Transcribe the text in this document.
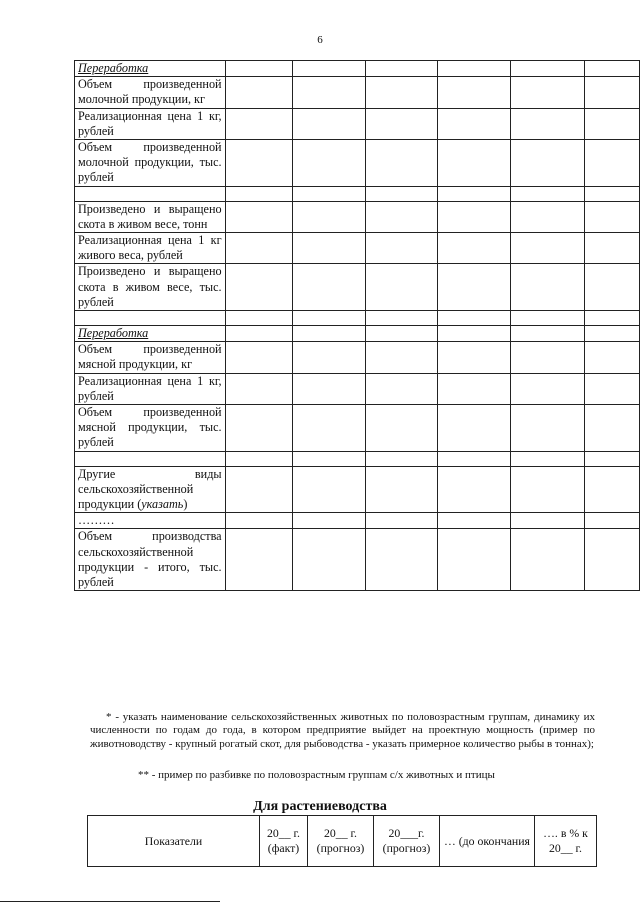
6
Переработка						
Объем произведенной молочной продукции, кг						
Реализационная цена 1 кг, рублей						
Объем произведенной молочной продукции, тыс. рублей						

Произведено и выращено скота в живом весе, тонн						
Реализационная цена 1 кг живого веса, рублей						
Произведено и выращено скота в живом весе, тыс. рублей						

Переработка						
Объем произведенной мясной продукции, кг						
Реализационная цена 1 кг, рублей						
Объем произведенной мясной продукции, тыс. рублей						

Другие виды сельскохозяйственной продукции (указать)						
………						
Объем производства сельскохозяйственной продукции - итого, тыс. рублей						
* - указать наименование сельскохозяйственных животных по половозрастным группам, динамику их численности по годам до года, в котором предприятие выйдет на проектную мощность (пример по животноводству - крупный рогатый скот, для рыбоводства - указать примерное количество рыбы в тоннах);
** - пример по разбивке по половозрастным группам с/х животных и птицы
Для растениеводства
Показатели	20__ г. (факт)	20__ г. (прогноз)	20___г. (прогноз)	… (до окончания	…. в % к 20__ г.
